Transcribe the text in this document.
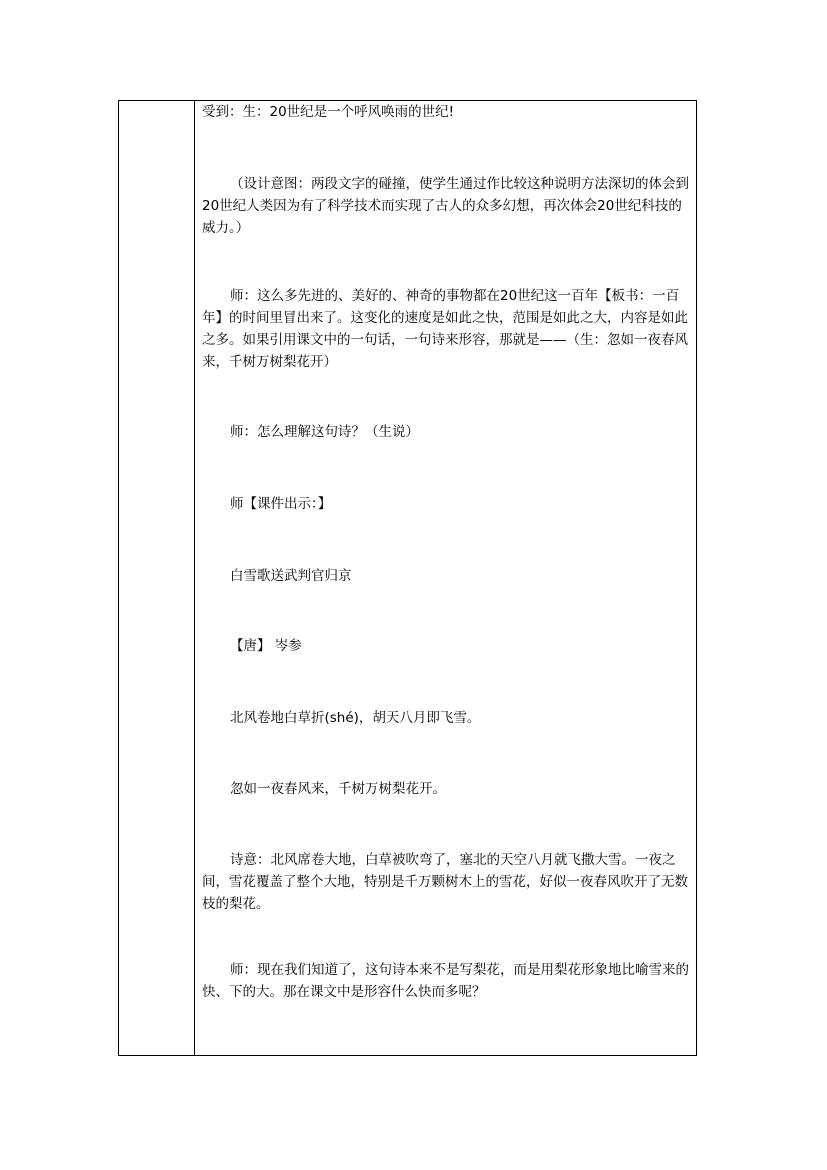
受到：生：20世纪是一个呼风唤雨的世纪!

（设计意图：两段文字的碰撞，使学生通过作比较这种说明方法深切的体会到20世纪人类因为有了科学技术而实现了古人的众多幻想，再次体会20世纪科技的威力。）

师：这么多先进的、美好的、神奇的事物都在20世纪这一百年【板书：一百年】的时间里冒出来了。这变化的速度是如此之快，范围是如此之大，内容是如此之多。如果引用课文中的一句话，一句诗来形容，那就是——（生：忽如一夜春风来，千树万树梨花开）

师：怎么理解这句诗？（生说）

师【课件出示：】

白雪歌送武判官归京

【唐】 岑参

北风卷地白草折(shé)，胡天八月即飞雪。

忽如一夜春风来，千树万树梨花开。

诗意：北风席卷大地，白草被吹弯了，塞北的天空八月就飞撒大雪。一夜之间，雪花覆盖了整个大地，特别是千万颗树木上的雪花，好似一夜春风吹开了无数枝的梨花。

师：现在我们知道了，这句诗本来不是写梨花，而是用梨花形象地比喻雪来的快、下的大。那在课文中是形容什么快而多呢？
